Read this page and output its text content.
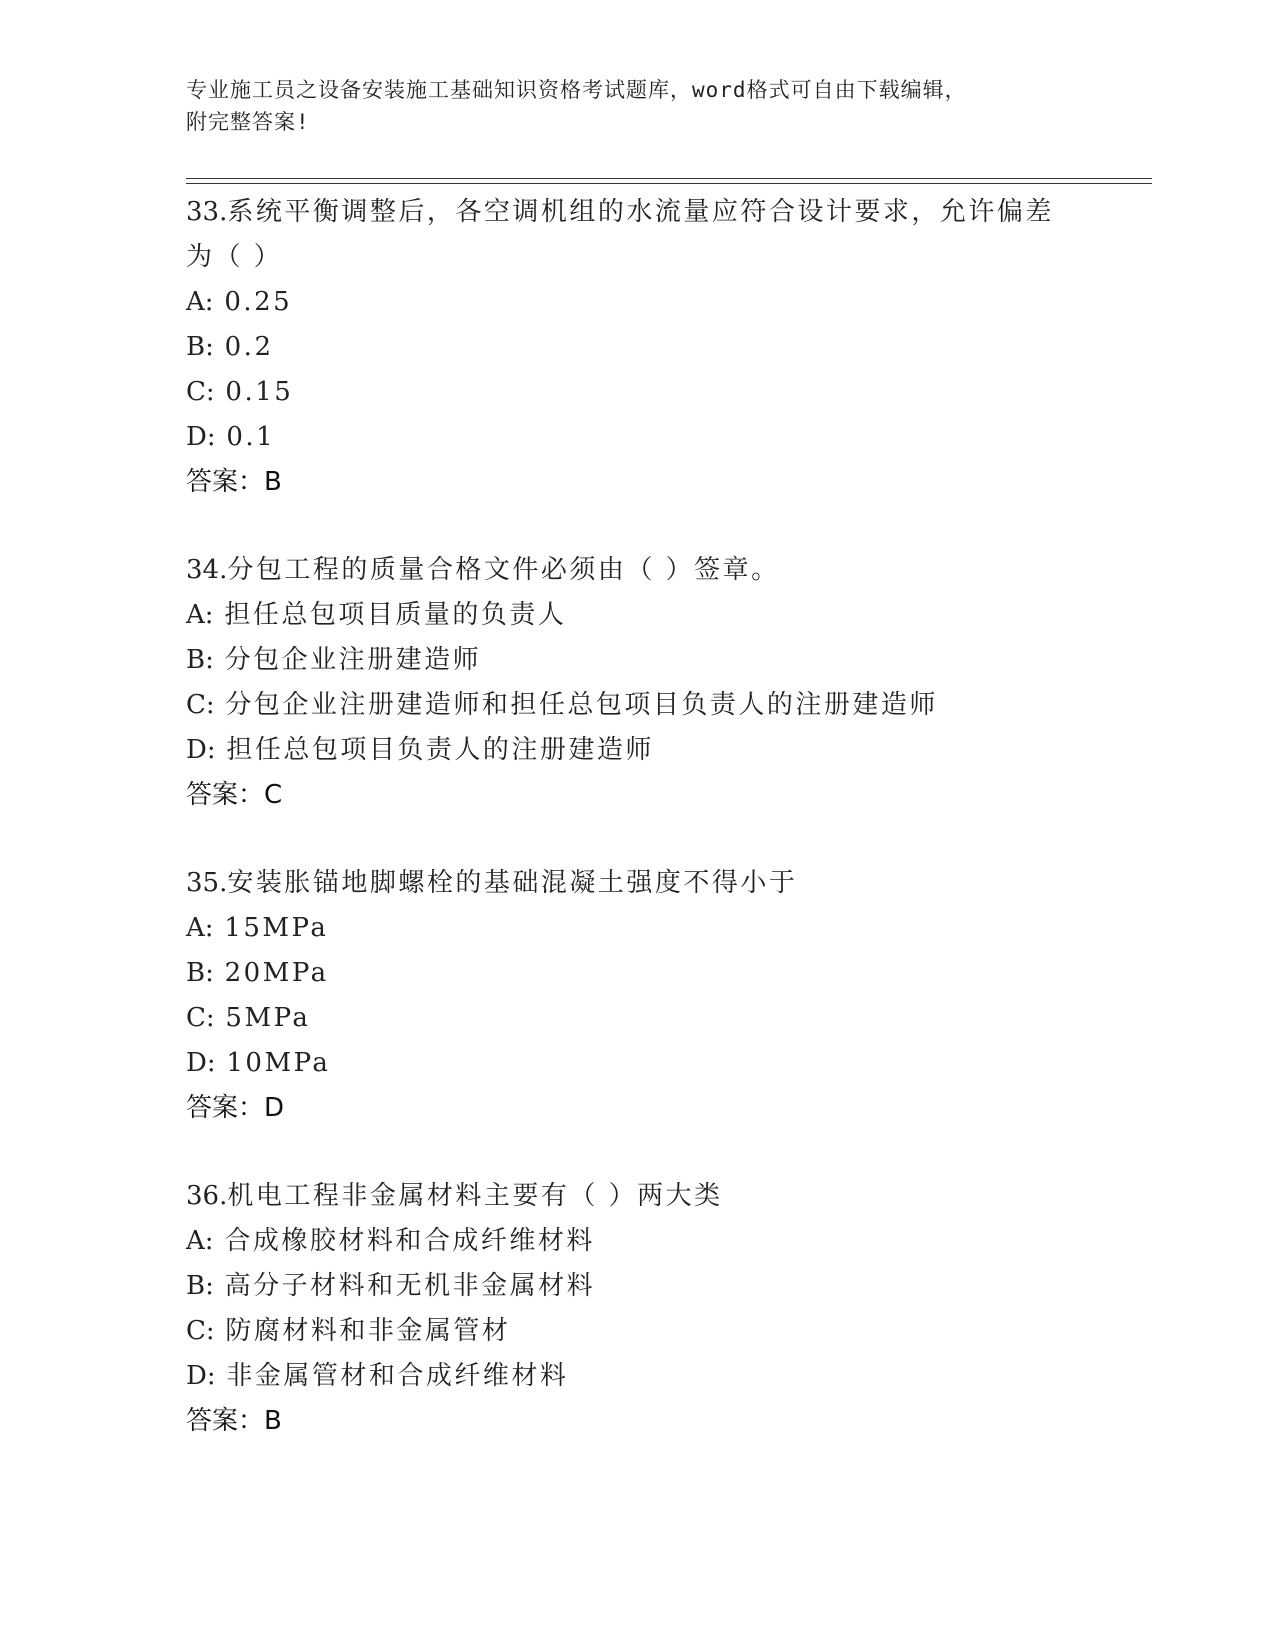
专业施工员之设备安装施工基础知识资格考试题库，word格式可自由下载编辑，
附完整答案!
33.系统平衡调整后，各空调机组的水流量应符合设计要求，允许偏差为（ ）
A: 0.25
B: 0.2
C: 0.15
D: 0.1
答案：B
34.分包工程的质量合格文件必须由（ ）签章。
A: 担任总包项目质量的负责人
B: 分包企业注册建造师
C: 分包企业注册建造师和担任总包项目负责人的注册建造师
D: 担任总包项目负责人的注册建造师
答案：C
35.安装胀锚地脚螺栓的基础混凝土强度不得小于
A: 15MPa
B: 20MPa
C: 5MPa
D: 10MPa
答案：D
36.机电工程非金属材料主要有（ ）两大类
A: 合成橡胶材料和合成纤维材料
B: 高分子材料和无机非金属材料
C: 防腐材料和非金属管材
D: 非金属管材和合成纤维材料
答案：B
